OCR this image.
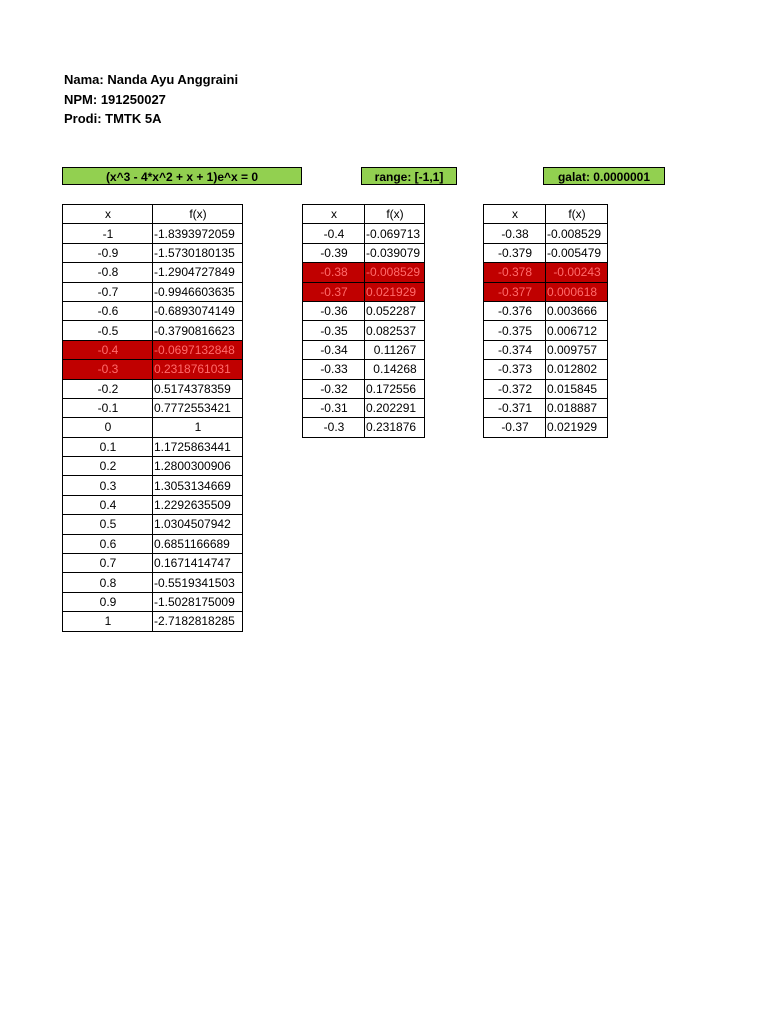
Nama: Nanda Ayu Anggraini
NPM: 191250027
Prodi: TMTK 5A
(x^3 - 4*x^2 + x + 1)e^x = 0	range: [-1,1]	galat: 0.0000001
x	f(x)
-1	-1.8393972059
-0.9	-1.5730180135
-0.8	-1.2904727849
-0.7	-0.9946603635
-0.6	-0.6893074149
-0.5	-0.3790816623
-0.4	-0.0697132848
-0.3	0.2318761031
-0.2	0.5174378359
-0.1	0.7772553421
0	1
0.1	1.1725863441
0.2	1.2800300906
0.3	1.3053134669
0.4	1.2292635509
0.5	1.0304507942
0.6	0.6851166689
0.7	0.1671414747
0.8	-0.5519341503
0.9	-1.5028175009
1	-2.7182818285
x	f(x)
-0.4	-0.069713
-0.39	-0.039079
-0.38	-0.008529
-0.37	0.021929
-0.36	0.052287
-0.35	0.082537
-0.34	0.11267
-0.33	0.14268
-0.32	0.172556
-0.31	0.202291
-0.3	0.231876
x	f(x)
-0.38	-0.008529
-0.379	-0.005479
-0.378	-0.00243
-0.377	0.000618
-0.376	0.003666
-0.375	0.006712
-0.374	0.009757
-0.373	0.012802
-0.372	0.015845
-0.371	0.018887
-0.37	0.021929
